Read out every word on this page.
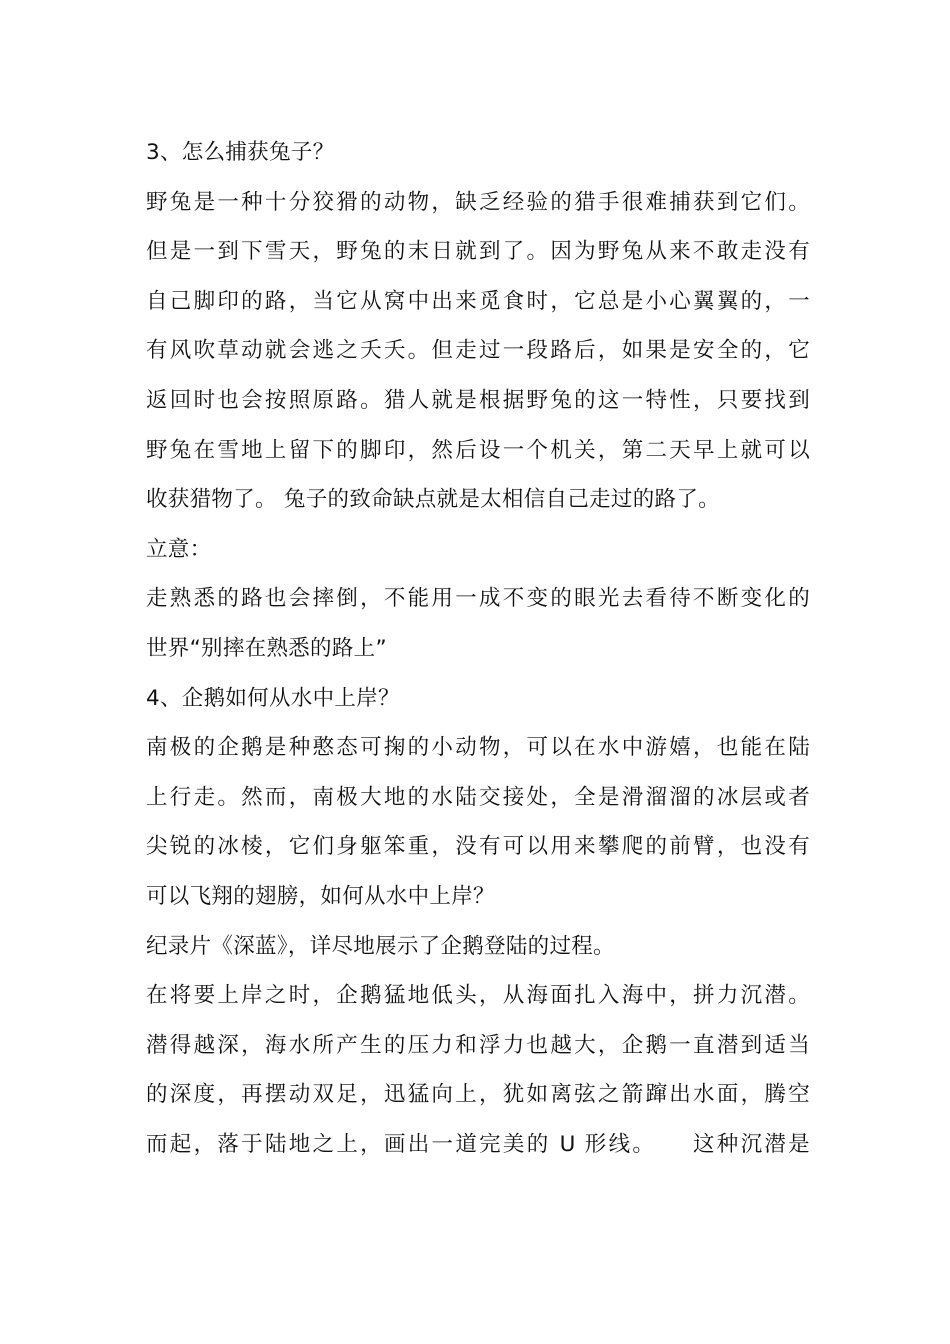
3、怎么捕获兔子？
野兔是一种十分狡猾的动物，缺乏经验的猎手很难捕获到它们。
但是一到下雪天，野兔的末日就到了。因为野兔从来不敢走没有
自己脚印的路，当它从窝中出来觅食时，它总是小心翼翼的，一
有风吹草动就会逃之夭夭。但走过一段路后，如果是安全的，它
返回时也会按照原路。猎人就是根据野兔的这一特性，只要找到
野兔在雪地上留下的脚印，然后设一个机关，第二天早上就可以
收获猎物了。 兔子的致命缺点就是太相信自己走过的路了。
立意：
走熟悉的路也会摔倒，不能用一成不变的眼光去看待不断变化的
世界“别摔在熟悉的路上”
4、企鹅如何从水中上岸？
南极的企鹅是种憨态可掬的小动物，可以在水中游嬉，也能在陆
上行走。然而，南极大地的水陆交接处，全是滑溜溜的冰层或者
尖锐的冰棱，它们身躯笨重，没有可以用来攀爬的前臂，也没有
可以飞翔的翅膀，如何从水中上岸？
纪录片《深蓝》，详尽地展示了企鹅登陆的过程。
在将要上岸之时，企鹅猛地低头，从海面扎入海中，拼力沉潜。
潜得越深，海水所产生的压力和浮力也越大，企鹅一直潜到适当
的深度，再摆动双足，迅猛向上，犹如离弦之箭蹿出水面，腾空
而起，落于陆地之上，画出一道完美的 U 形线。　　这种沉潜是
